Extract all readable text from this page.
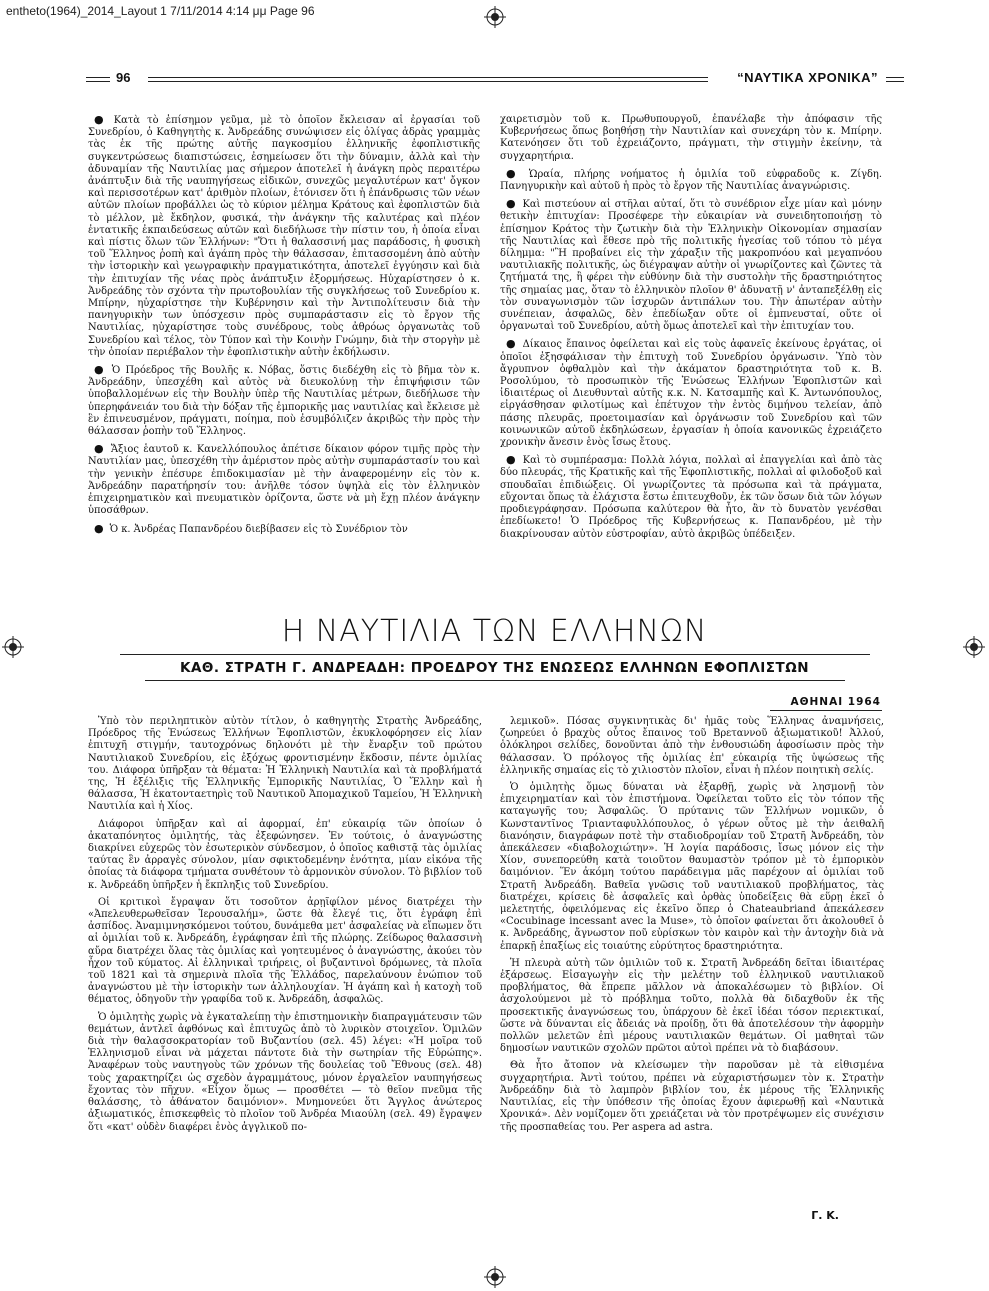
entheto(1964)_2014_Layout 1 7/11/2014 4:14 μμ Page 96
96	“ΝΑΥΤΙΚΑ ΧΡΟΝΙΚΑ”

● Κατὰ τὸ ἐπίσημον γεῦμα, μὲ τὸ ὁποῖον ἔκλεισαν αἱ ἐργασίαι τοῦ Συνεδρίου, ὁ Καθηγητὴς κ. Ἀνδρεάδης συνώψισεν εἰς ὀλίγας ἁδρὰς γραμμὰς τὰς ἐκ τῆς πρώτης αὐτῆς παγκοσμίου ἑλληνικῆς ἐφοπλιστικῆς συγκεντρώσεως διαπιστώσεις, ἐσημείωσεν ὅτι τὴν δύναμιν, ἀλλὰ καὶ τὴν ἀδυναμίαν τῆς Ναυτιλίας μας σήμερον ἀποτελεῖ ἡ ἀνάγκη πρὸς περαιτέρω ἀνάπτυξιν διὰ τῆς ναυπηγήσεως εἰδικῶν, συνεχῶς μεγαλυτέρων κατ' ὄγκον καὶ περισσοτέρων κατ' ἀριθμὸν πλοίων, ἐτόνισεν ὅτι ἡ ἐπάνδρωσις τῶν νέων αὐτῶν πλοίων προβάλλει ὡς τὸ κύριον μέλημα Κράτους καὶ ἐφοπλιστῶν διὰ τὸ μέλλον, μὲ ἔκδηλον, φυσικά, τὴν ἀνάγκην τῆς καλυτέρας καὶ πλέον ἐντατικῆς ἐκπαιδεύσεως αὐτῶν καὶ διεδήλωσε τὴν πίστιν του, ἡ ὁποία εἶναι καὶ πίστις ὅλων τῶν Ἑλλήνων: "Ὅτι ἡ θαλασσινή μας παράδοσις, ἡ φυσικὴ τοῦ Ἕλληνος ῥοπὴ καὶ ἀγάπη πρὸς τὴν θάλασσαν, ἐπιτασσομένη ἀπὸ αὐτὴν τὴν ἱστορικὴν καὶ γεωγραφικὴν πραγματικότητα, ἀποτελεῖ ἐγγύησιν καὶ διὰ τὴν ἐπιτυχίαν τῆς νέας πρὸς ἀνάπτυξιν ἐξορμήσεως. Ηὐχαρίστησεν ὁ κ. Ἀνδρεάδης τὸν σχόντα τὴν πρωτοβουλίαν τῆς συγκλήσεως τοῦ Συνεδρίου κ. Μπίρην, ηὐχαρίστησε τὴν Κυβέρνησιν καὶ τὴν Ἀντιπολίτευσιν διὰ τὴν πανηγυρικὴν των ὑπόσχεσιν πρὸς συμπαράστασιν εἰς τὸ ἔργον τῆς Ναυτιλίας, ηὐχαρίστησε τοὺς συνέδρους, τοὺς ἀθρόως ὀργανωτὰς τοῦ Συνεδρίου καὶ τέλος, τὸν Τύπον καὶ τὴν Κοινὴν Γνώμην, διὰ τὴν στοργὴν μὲ τὴν ὁποίαν περιέβαλον τὴν ἐφοπλιστικὴν αὐτὴν ἐκδήλωσιν.

● Ὁ Πρόεδρος τῆς Βουλῆς κ. Νόβας, ὅστις διεδέχθη εἰς τὸ βῆμα τὸν κ. Ἀνδρεάδην, ὑπεσχέθη καὶ αὐτὸς νὰ διευκολύνῃ τὴν ἐπιψήφισιν τῶν ὑποβαλλομένων εἰς τὴν Βουλὴν ὑπὲρ τῆς Ναυτιλίας μέτρων, διεδήλωσε τὴν ὑπερηφάνειάν του διὰ τὴν δόξαν τῆς ἐμπορικῆς μας ναυτιλίας καὶ ἔκλεισε μὲ ἓν ἐπινευσμένον, πράγματι, ποίημα, ποὺ ἐσυμβόλιζεν ἀκριβῶς τὴν πρὸς τὴν θάλασσαν ῥοπὴν τοῦ Ἕλληνος.

● Ἄξιος ἑαυτοῦ κ. Κανελλόπουλος ἀπέτισε δίκαιον φόρον τιμῆς πρὸς τὴν Ναυτιλίαν μας, ὑπεσχέθη τὴν ἀμέριστον πρὸς αὐτὴν συμπαράστασίν του καὶ τὴν γενικὴν ἐπέσυρε ἐπιδοκιμασίαν μὲ τὴν ἀναφερομένην εἰς τὸν κ. Ἀνδρεάδην παρατήρησίν του: ἀνῆλθε τόσον ὑψηλὰ εἰς τὸν ἑλληνικὸν ἐπιχειρηματικὸν καὶ πνευματικὸν ὁρίζοντα, ὥστε νὰ μὴ ἔχῃ πλέον ἀνάγκην ὑποσάθρων.

● Ὁ κ. Ἀνδρέας Παπανδρέου διεβίβασεν εἰς τὸ Συνέδριον τὸν

χαιρετισμὸν τοῦ κ. Πρωθυπουργοῦ, ἐπανέλαβε τὴν ἀπόφασιν τῆς Κυβερνήσεως ὅπως βοηθήσῃ τὴν Ναυτιλίαν καὶ συνεχάρη τὸν κ. Μπίρην. Κατενόησεν ὅτι τοῦ ἐχρειάζοντο, πράγματι, τὴν στιγμὴν ἐκείνην, τὰ συγχαρητήρια.

● Ὡραία, πλήρης νοήματος ἡ ὁμιλία τοῦ εὐφραδοῦς κ. Ζίγδη. Πανηγυρικὴν καὶ αὐτοῦ ἡ πρὸς τὸ ἔργον τῆς Ναυτιλίας ἀναγνώρισις.

● Καὶ πιστεύουν αἱ στῆλαι αὐταί, ὅτι τὸ συνέδριον εἶχε μίαν καὶ μόνην θετικὴν ἐπιτυχίαν: Προσέφερε τὴν εὐκαιρίαν νὰ συνειδητοποιήσῃ τὸ ἐπίσημον Κράτος τὴν ζωτικὴν διὰ τὴν Ἑλληνικὴν Οἰκονομίαν σημασίαν τῆς Ναυτιλίας καὶ ἔθεσε πρὸ τῆς πολιτικῆς ἡγεσίας τοῦ τόπου τὸ μέγα δίλημμα: "Ἢ προβαίνει εἰς τὴν χάραξιν τῆς μακροπνόου καὶ μεγαπνόου ναυτιλιακῆς πολιτικῆς, ὡς διέγραψαν αὐτὴν οἱ γνωρίζοντες καὶ ζῶντες τὰ ζητήματά της, ἢ φέρει τὴν εὐθύνην διὰ τὴν συστολὴν τῆς δραστηριότητος τῆς σημαίας μας, ὅταν τὸ ἑλληνικὸν πλοῖον θ' ἀδυνατῇ ν' ἀνταπεξέλθῃ εἰς τὸν συναγωνισμὸν τῶν ἰσχυρῶν ἀντιπάλων του. Τὴν ἀπωτέραν αὐτὴν συνέπειαν, ἀσφαλῶς, δὲν ἐπεδίωξαν οὔτε οἱ ἐμπνευσταί, οὔτε οἱ ὀργανωταὶ τοῦ Συνεδρίου, αὐτὴ ὅμως ἀποτελεῖ καὶ τὴν ἐπιτυχίαν του.

● Δίκαιος ἔπαινος ὀφείλεται καὶ εἰς τοὺς ἀφανεῖς ἐκείνους ἐργάτας, οἱ ὁποῖοι ἐξησφάλισαν τὴν ἐπιτυχὴ τοῦ Συνεδρίου ὀργάνωσιν. Ὑπὸ τὸν ἄγρυπνον ὀφθαλμὸν καὶ τὴν ἀκάματον δραστηριότητα τοῦ κ. Β. Ροσολύμου, τὸ προσωπικὸν τῆς Ἑνώσεως Ἑλλήνων Ἐφοπλιστῶν καὶ ἰδιαιτέρως οἱ Διευθυνταὶ αὐτῆς κ.κ. Ν. Κατσαμπῆς καὶ Κ. Ἀντωνόπουλος, εἰργάσθησαν φιλοτίμως καὶ ἐπέτυχον τὴν ἐντὸς διμήνου τελείαν, ἀπὸ πάσης πλευρᾶς, προετοιμασίαν καὶ ὀργάνωσιν τοῦ Συνεδρίου καὶ τῶν κοινωνικῶν αὐτοῦ ἐκδηλώσεων, ἐργασίαν ἡ ὁποία κανονικῶς ἐχρειάζετο χρονικὴν ἄνεσιν ἑνὸς ἴσως ἔτους.

● Καὶ τὸ συμπέρασμα: Πολλὰ λόγια, πολλαὶ αἱ ἐπαγγελίαι καὶ ἀπὸ τὰς δύο πλευράς, τῆς Κρατικῆς καὶ τῆς Ἐφοπλιστικῆς, πολλαὶ αἱ φιλοδοξοῦ καὶ σπουδαῖαι ἐπιδιώξεις. Οἱ γνωρίζοντες τὰ πρόσωπα καὶ τὰ πράγματα, εὔχονται ὅπως τὰ ἐλάχιστα ἔστω ἐπιτευχθοῦν, ἐκ τῶν ὅσων διὰ τῶν λόγων προδιεγράφησαν. Πρόσωπα καλύτερον θὰ ἦτο, ἂν τὸ δυνατὸν γενέσθαι ἐπεδίωκετο! Ὁ Πρόεδρος τῆς Κυβερνήσεως κ. Παπανδρέου, μὲ τὴν διακρίνουσαν αὐτὸν εὐστροφίαν, αὐτὸ ἀκριβῶς ὑπέδειξεν.

Η ΝΑΥΤΙΛΙΑ ΤΩΝ ΕΛΛΗΝΩΝ
ΚΑΘ. ΣΤΡΑΤΗ Γ. ΑΝΔΡΕΑΔΗ: ΠΡΟΕΔΡΟΥ ΤΗΣ ΕΝΩΣΕΩΣ ΕΛΛΗΝΩΝ ΕΦΟΠΛΙΣΤΩΝ
ΑΘΗΝΑΙ 1964

Ὑπὸ τὸν περιληπτικὸν αὐτὸν τίτλον, ὁ καθηγητὴς Στρατὴς Ἀνδρεάδης, Πρόεδρος τῆς Ἑνώσεως Ἑλλήνων Ἐφοπλιστῶν, ἐκυκλοφόρησεν εἰς λίαν ἐπιτυχῆ στιγμήν, ταυτοχρόνως δηλονότι μὲ τὴν ἔναρξιν τοῦ πρώτου Ναυτιλιακοῦ Συνεδρίου, εἰς ἐξόχως φροντισμένην ἔκδοσιν, πέντε ὁμιλίας του. Διάφορα ὑπῆρξαν τὰ θέματα: Ἡ Ἑλληνικὴ Ναυτιλία καὶ τὰ προβλήματά της, Ἡ ἐξέλιξις τῆς Ἑλληνικῆς Ἐμπορικῆς Ναυτιλίας, Ὁ Ἕλλην καὶ ἡ θάλασσα, Ἡ ἑκατονταετηρὶς τοῦ Ναυτικοῦ Ἀπομαχικοῦ Ταμείου, Ἡ Ἑλληνικὴ Ναυτιλία καὶ ἡ Χίος.

Διάφοροι ὑπῆρξαν καὶ αἱ ἀφορμαί, ἐπ' εὐκαιρίᾳ τῶν ὁποίων ὁ ἀκαταπόνητος ὁμιλητής, τὰς ἐξεφώνησεν. Ἐν τούτοις, ὁ ἀναγνώστης διακρίνει εὐχερῶς τὸν ἐσωτερικὸν σύνδεσμον, ὁ ὁποῖος καθιστᾷ τὰς ὁμιλίας ταύτας ἓν ἀρραγὲς σύνολον, μίαν σφικτοδεμένην ἑνότητα, μίαν εἰκόνα τῆς ὁποίας τὰ διάφορα τμήματα συνθέτουν τὸ ἁρμονικὸν σύνολον. Τὸ βιβλίον τοῦ κ. Ἀνδρεάδη ὑπῆρξεν ἡ ἔκπληξις τοῦ Συνεδρίου.

Οἱ κριτικοὶ ἔγραψαν ὅτι τοσοῦτον ἀρῃῖφίλον μένος διατρέχει τὴν «Ἀπελευθερωθεῖσαν Ἱερουσαλήμ», ὥστε θὰ ἔλεγέ τις, ὅτι ἐγράφη ἐπὶ ἀσπίδος. Ἀναμιμνησκόμενοι τούτου, δυνάμεθα μετ' ἀσφαλείας νὰ εἴπωμεν ὅτι αἱ ὁμιλίαι τοῦ κ. Ἀνδρεάδη, ἐγράφησαν ἐπὶ τῆς πλώρης. Ζείδωρος θαλασσινὴ αὔρα διατρέχει ὅλας τὰς ὁμιλίας καὶ γοητευμένος ὁ ἀναγνώστης, ἀκούει τὸν ἦχον τοῦ κύματος. Αἱ ἑλληνικαὶ τριήρεις, οἱ βυζαντινοὶ δρόμωνες, τὰ πλοῖα τοῦ 1821 καὶ τὰ σημερινὰ πλοῖα τῆς Ἑλλάδος, παρελαύνουν ἐνώπιον τοῦ ἀναγνώστου μὲ τὴν ἱστορικὴν των ἀλληλουχίαν. Ἡ ἀγάπη καὶ ἡ κατοχὴ τοῦ θέματος, ὁδηγοῦν τὴν γραφίδα τοῦ κ. Ἀνδρεάδη, ἀσφαλῶς.

Ὁ ὁμιλητὴς χωρὶς νὰ ἐγκαταλείπῃ τὴν ἐπιστημονικὴν διαπραγμάτευσιν τῶν θεμάτων, ἀντλεῖ ἀφθόνως καὶ ἐπιτυχῶς ἀπὸ τὸ λυρικὸν στοιχεῖον. Ὁμιλῶν διὰ τὴν θαλασσοκρατορίαν τοῦ Βυζαντίου (σελ. 45) λέγει: «Ἡ μοῖρα τοῦ Ἑλληνισμοῦ εἶναι νὰ μάχεται πάντοτε διὰ τὴν σωτηρίαν τῆς Εὐρώπης». Ἀναφέρων τοὺς ναυτηγοὺς τῶν χρόνων τῆς δουλείας τοῦ Ἔθνους (σελ. 48) τοὺς χαρακτηρίζει ὡς σχεδὸν ἀγραμμάτους, μόνον ἐργαλεῖον ναυπηγήσεως ἔχοντας τὸν πῆχυν. «Εἶχον ὅμως — προσθέτει — τὸ θεῖον πνεῦμα τῆς θαλάσσης, τὸ ἀθάνατον δαιμόνιον». Μνημονεύει ὅτι Ἄγγλος ἀνώτερος ἀξιωματικός, ἐπισκεφθεὶς τὸ πλοῖον τοῦ Ἀνδρέα Μιαούλη (σελ. 49) ἔγραψεν ὅτι «κατ' οὐδὲν διαφέρει ἑνὸς ἀγγλικοῦ πο-

λεμικοῦ». Πόσας συγκινητικὰς δι' ἡμᾶς τοὺς Ἕλληνας ἀναμνήσεις, ζωηρεύει ὁ βραχὺς οὗτος ἔπαινος τοῦ Βρεταννοῦ ἀξιωματικοῦ! Ἀλλού, ὁλόκληροι σελίδες, δονοῦνται ἀπὸ τὴν ἐνθουσιώδη ἀφοσίωσιν πρὸς τὴν θάλασσαν. Ὁ πρόλογος τῆς ὁμιλίας ἐπ' εὐκαιρίᾳ τῆς ὑψώσεως τῆς ἑλληνικῆς σημαίας εἰς τὸ χιλιοστὸν πλοῖον, εἶναι ἡ πλέον ποιητικὴ σελίς.

Ὁ ὁμιλητὴς ὅμως δύναται νὰ ἐξαρθῇ, χωρὶς νὰ λησμονῇ τὸν ἐπιχειρηματίαν καὶ τὸν ἐπιστήμονα. Ὀφείλεται τοῦτο εἰς τὸν τόπον τῆς καταγωγῆς του; Ἀσφαλῶς. Ὁ πρύτανις τῶν Ἑλλήνων νομικῶν, ὁ Κωνσταντῖνος Τριανταφυλλόπουλος, ὁ γέρων οὗτος μὲ τὴν ἀειθαλῆ διανόησιν, διαγράφων ποτὲ τὴν σταδιοδρομίαν τοῦ Στρατῆ Ἀνδρεάδη, τὸν ἀπεκάλεσεν «διαβολοχιώτην». Ἡ λογία παράδοσις, ἴσως μόνον εἰς τὴν Χίον, συνεπορεύθη κατὰ τοιοῦτον θαυμαστὸν τρόπον μὲ τὸ ἐμπορικὸν δαιμόνιον. Ἕν ἀκόμη τούτου παράδειγμα μᾶς παρέχουν αἱ ὁμιλίαι τοῦ Στρατῆ Ἀνδρεάδη. Βαθεῖα γνῶσις τοῦ ναυτιλιακοῦ προβλήματος, τὰς διατρέχει, κρίσεις δὲ ἀσφαλεῖς καὶ ὀρθὰς ὑποδείξεις θὰ εὕρῃ ἐκεῖ ὁ μελετητής, ὀφειλόμενας εἰς ἐκεῖνο ὅπερ ὁ Chateaubriand ἀπεκάλεσεν «Cocubinage incessant avec la Muse», τὸ ὁποῖον φαίνεται ὅτι ἀκολουθεῖ ὁ κ. Ἀνδρεάδης, ἄγνωστον ποῦ εὑρίσκων τὸν καιρὸν καὶ τὴν ἀντοχὴν διὰ νὰ ἐπαρκῇ ἐπαξίως εἰς τοιαύτης εὐρύτητος δραστηριότητα.

Ἡ πλευρὰ αὐτὴ τῶν ὁμιλιῶν τοῦ κ. Στρατῆ Ἀνδρεάδη δεῖται ἰδιαιτέρας ἐξάρσεως. Εἰσαγωγὴν εἰς τὴν μελέτην τοῦ ἑλληνικοῦ ναυτιλιακοῦ προβλήματος, θὰ ἔπρεπε μᾶλλον νὰ ἀποκαλέσωμεν τὸ βιβλίον. Οἱ ἀσχολούμενοι μὲ τὸ πρόβλημα τοῦτο, πολλὰ θὰ διδαχθοῦν ἐκ τῆς προσεκτικῆς ἀναγνώσεως του, ὑπάρχουν δὲ ἐκεῖ ἰδέαι τόσον περιεκτικαί, ὥστε νὰ δύνανται εἰς ἄδειάς νὰ προίδῃ, ὅτι θὰ ἀποτελέσουν τὴν ἀφορμὴν πολλῶν μελετῶν ἐπὶ μέρους ναυτιλιακῶν θεμάτων. Οἱ μαθηταὶ τῶν δημοσίων ναυτικῶν σχολῶν πρῶτοι αὐτοὶ πρέπει νὰ τὸ διαβάσουν.

Θὰ ἦτο ἄτοπον νὰ κλείσωμεν τὴν παροῦσαν μὲ τὰ εἰθισμένα συγχαρητήρια. Ἀντὶ τούτου, πρέπει νὰ εὐχαριστήσωμεν τὸν κ. Στρατὴν Ἀνδρεάδην διὰ τὸ λαμπρὸν βιβλίον του, ἐκ μέρους τῆς Ἑλληνικῆς Ναυτιλίας, εἰς τὴν ὑπόθεσιν τῆς ὁποίας ἔχουν ἀφιερωθῇ καὶ «Ναυτικὰ Χρονικά». Δὲν νομίζομεν ὅτι χρειάζεται νὰ τὸν προτρέψωμεν εἰς συνέχισιν τῆς προσπαθείας του. Per aspera ad astra.

Γ. Κ.
